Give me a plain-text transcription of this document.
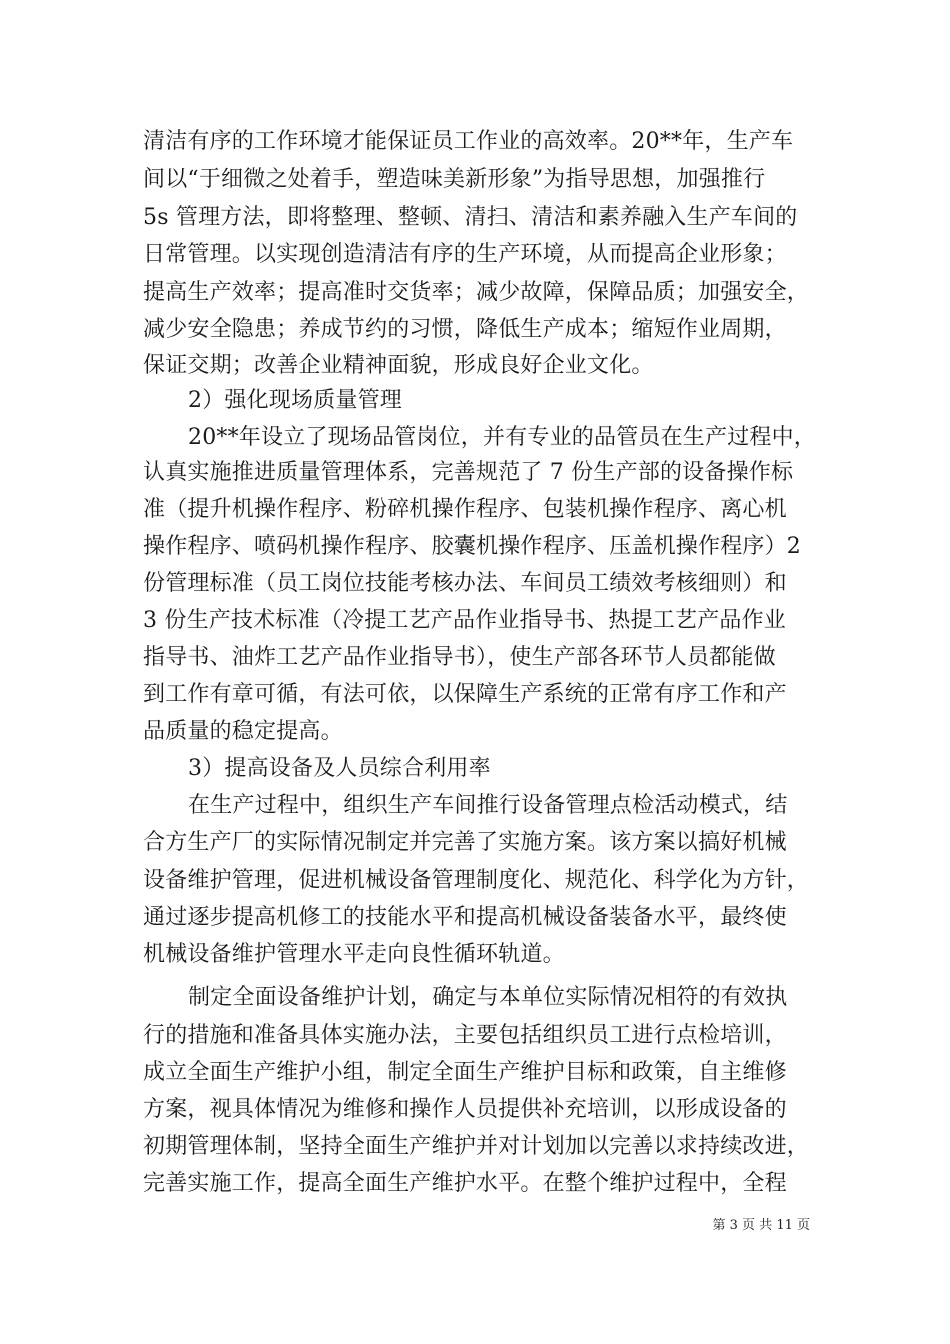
清洁有序的工作环境才能保证员工作业的高效率。20**年，生产车
间以“于细微之处着手，塑造味美新形象”为指导思想，加强推行
5s 管理方法，即将整理、整顿、清扫、清洁和素养融入生产车间的
日常管理。以实现创造清洁有序的生产环境，从而提高企业形象；
提高生产效率；提高准时交货率；减少故障，保障品质；加强安全，
减少安全隐患；养成节约的习惯，降低生产成本；缩短作业周期，
保证交期；改善企业精神面貌，形成良好企业文化。
2）强化现场质量管理
20**年设立了现场品管岗位，并有专业的品管员在生产过程中，
认真实施推进质量管理体系，完善规范了 7 份生产部的设备操作标
准（提升机操作程序、粉碎机操作程序、包装机操作程序、离心机
操作程序、喷码机操作程序、胶囊机操作程序、压盖机操作程序）2
份管理标准（员工岗位技能考核办法、车间员工绩效考核细则）和
3 份生产技术标准（冷提工艺产品作业指导书、热提工艺产品作业
指导书、油炸工艺产品作业指导书），使生产部各环节人员都能做
到工作有章可循，有法可依，以保障生产系统的正常有序工作和产
品质量的稳定提高。
3）提高设备及人员综合利用率
在生产过程中，组织生产车间推行设备管理点检活动模式，结
合方生产厂的实际情况制定并完善了实施方案。该方案以搞好机械
设备维护管理，促进机械设备管理制度化、规范化、科学化为方针，
通过逐步提高机修工的技能水平和提高机械设备装备水平，最终使
机械设备维护管理水平走向良性循环轨道。
制定全面设备维护计划，确定与本单位实际情况相符的有效执
行的措施和准备具体实施办法，主要包括组织员工进行点检培训，
成立全面生产维护小组，制定全面生产维护目标和政策，自主维修
方案，视具体情况为维修和操作人员提供补充培训，以形成设备的
初期管理体制，坚持全面生产维护并对计划加以完善以求持续改进，
完善实施工作，提高全面生产维护水平。在整个维护过程中，全程
第 3 页 共 11 页
